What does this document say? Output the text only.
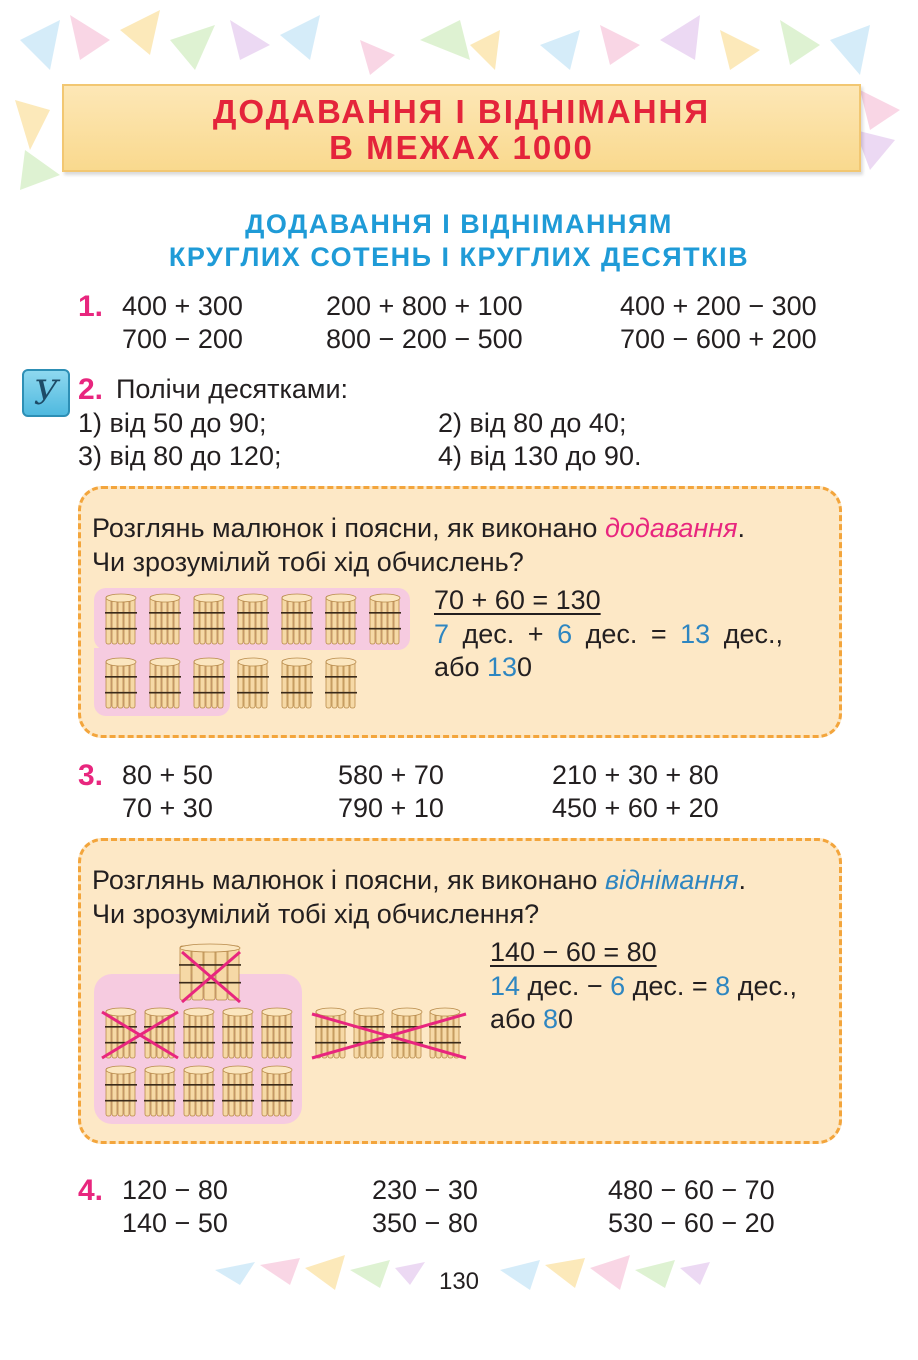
ДОДАВАННЯ І ВІДНІМАННЯ
В МЕЖАХ 1000
ДОДАВАННЯ І ВІДНІМАННЯМ
КРУГЛИХ СОТЕНЬ І КРУГЛИХ ДЕСЯТКІВ
1. 400 + 300	200 + 800 + 100	400 + 200 − 300
700 − 200	800 − 200 − 500	700 − 600 + 200
У 2. Полічи десятками:
1) від 50 до 90;	2) від 80 до 40;
3) від 80 до 120;	4) від 130 до 90.
Розглянь малюнок і поясни, як виконано додавання.
Чи зрозумілий тобі хід обчислень?
70 + 60 = 130
7 дес. + 6 дес. = 13 дес.,
або 130
3. 80 + 50	580 + 70	210 + 30 + 80
70 + 30	790 + 10	450 + 60 + 20
Розглянь малюнок і поясни, як виконано віднімання.
Чи зрозумілий тобі хід обчислення?
140 − 60 = 80
14 дес. − 6 дес. = 8 дес.,
або 80
4. 120 − 80	230 − 30	480 − 60 − 70
140 − 50	350 − 80	530 − 60 − 20
130
